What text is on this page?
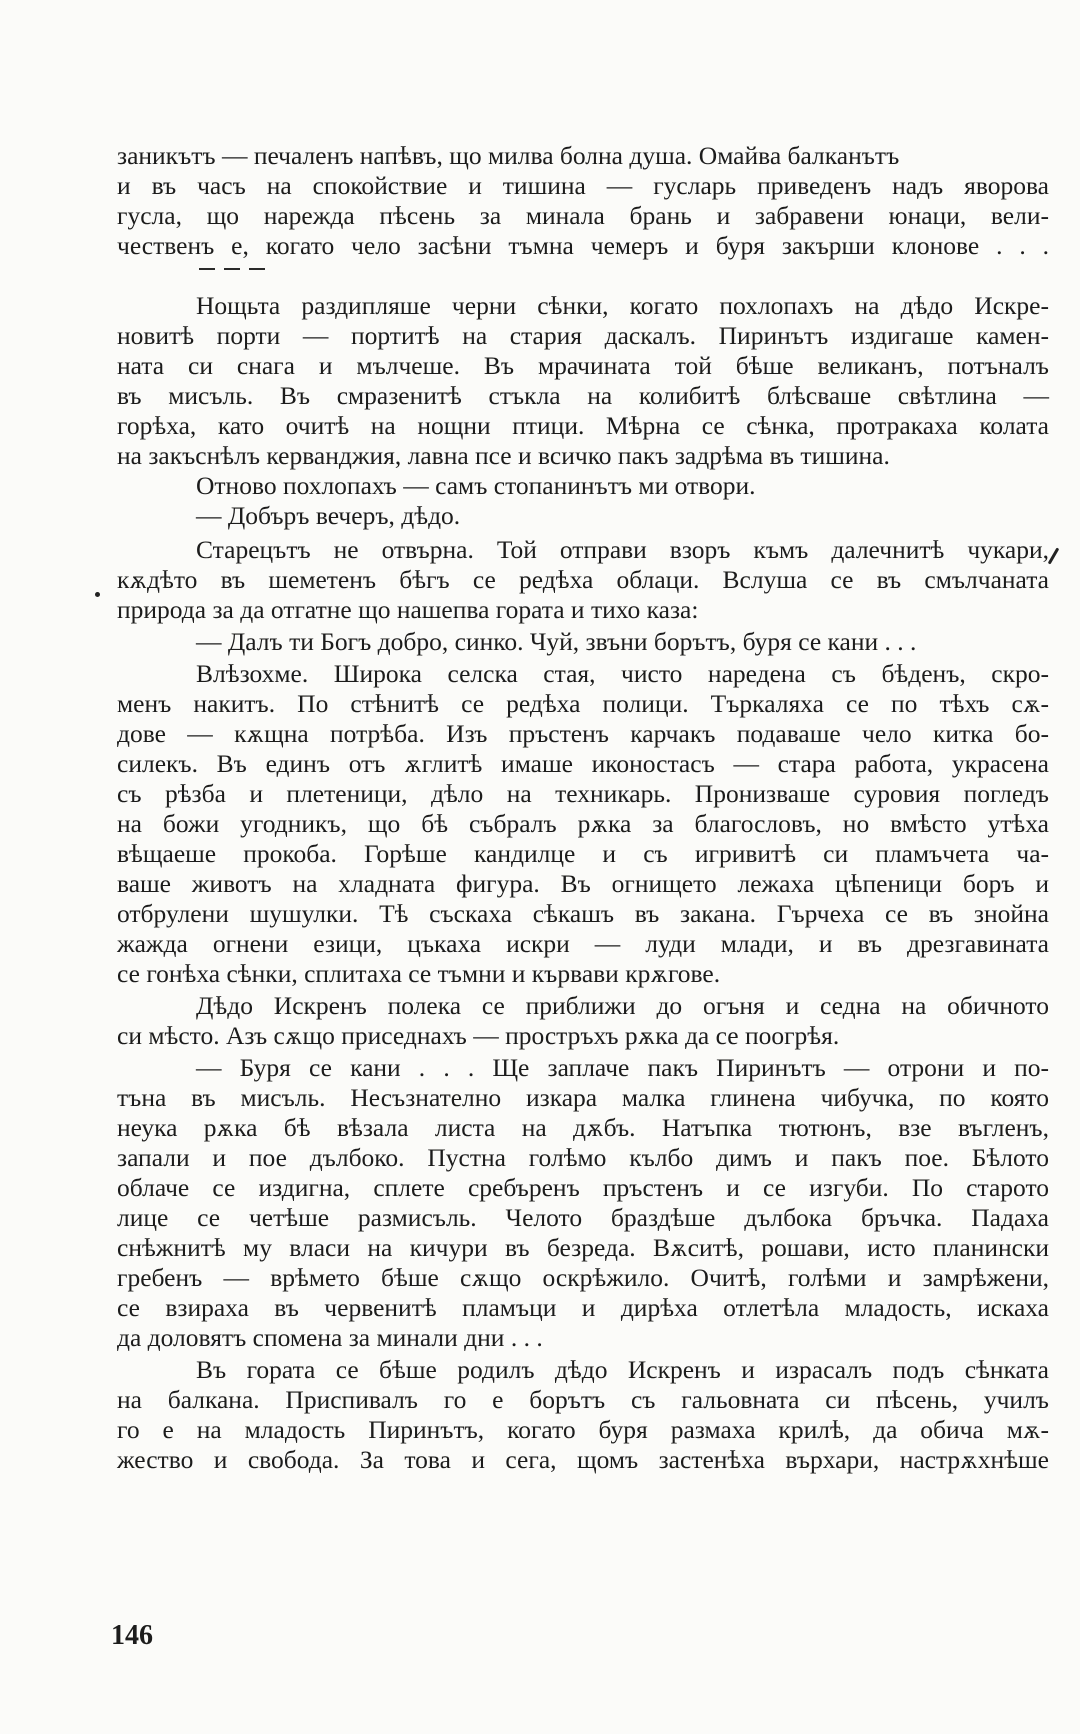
заникътъ — печаленъ напѣвъ, що милва болна душа. Омайва балканътъ
и въ часъ на спокойствие и тишина — гусларь приведенъ надъ яворова
гусла, що нарежда пѣсень за минала брань и забравени юнаци, вели-
чественъ е, когато чело засѣни тъмна чемеръ и буря закърши клонове . . .
Нощьта раздипляше черни сѣнки, когато похлопахъ на дѣдо Искре-
новитѣ порти — портитѣ на стария даскалъ. Пиринътъ издигаше камен-
ната си снага и мълчеше. Въ мрачината той бѣше великанъ, потъналъ
въ мисъль. Въ смразенитѣ стъкла на колибитѣ блѣсваше свѣтлина —
горѣха, като очитѣ на нощни птици. Мѣрна се сѣнка, протракаха колата
на закъснѣлъ керванджия, лавна псе и всичко пакъ задрѣма въ тишина.
Отново похлопахъ — самъ стопанинътъ ми отвори.
— Добъръ вечеръ, дѣдо.
Старецътъ не отвърна. Той отправи взоръ къмъ далечнитѣ чукари,
кѫдѣто въ шеметенъ бѣгъ се редѣха облаци. Вслуша се въ смълчаната
природа за да отгатне що нашепва гората и тихо каза:
— Далъ ти Богъ добро, синко. Чуй, звъни борътъ, буря се кани . . .
Влѣзохме. Широка селска стая, чисто наредена съ бѣденъ, скро-
менъ накитъ. По стѣнитѣ се редѣха полици. Търкаляха се по тѣхъ сѫ-
дове — кѫщна потрѣба. Изъ пръстенъ карчакъ подаваше чело китка бо-
силекъ. Въ единъ отъ ѫглитѣ имаше иконостасъ — стара работа, украсена
съ рѣзба и плетеници, дѣло на техникарь. Пронизваше суровия погледъ
на божи угодникъ, що бѣ събралъ рѫка за благословъ, но вмѣсто утѣха
вѣщаеше прокоба. Горѣше кандилце и съ игривитѣ си пламъчета ча-
ваше животъ на хладната фигура. Въ огнището лежаха цѣпеници боръ и
отбрулени шушулки. Тѣ съскаха сѣкашъ въ закана. Гърчеха се въ знойна
жажда огнени езици, цъкаха искри — луди млади, и въ дрезгавината
се гонѣха сѣнки, сплитаха се тъмни и кървави крѫгове.
Дѣдо Искренъ полека се приближи до огъня и седна на обичното
си мѣсто. Азъ сѫщо приседнахъ — простръхъ рѫка да се поогрѣя.
— Буря се кани . . . Ще заплаче пакъ Пиринътъ — отрони и по-
тъна въ мисъль. Несъзнателно изкара малка глинена чибучка, по която
неука рѫка бѣ вѣзала листа на дѫбъ. Натъпка тютюнъ, взе въгленъ,
запали и пое дълбоко. Пустна голѣмо кълбо димъ и пакъ пое. Бѣлото
облаче се издигна, сплете сребъренъ пръстенъ и се изгуби. По старото
лице се четѣше размисъль. Челото браздѣше дълбока бръчка. Падаха
снѣжнитѣ му власи на кичури въ безреда. Вѫситѣ, рошави, исто планински
гребенъ — врѣмето бѣше сѫщо оскрѣжило. Очитѣ, голѣми и замрѣжени,
се взираха въ червенитѣ пламъци и дирѣха отлетѣла младость, искаха
да доловятъ спомена за минали дни . . .
Въ гората се бѣше родилъ дѣдо Искренъ и израсалъ подъ сѣнката
на балкана. Приспивалъ го е борътъ съ гальовната си пѣсень, училъ
го е на младость Пиринътъ, когато буря размаха крилѣ, да обича мѫ-
жество и свобода. За това и сега, щомъ застенѣха върхари, настрѫхнѣше
146
